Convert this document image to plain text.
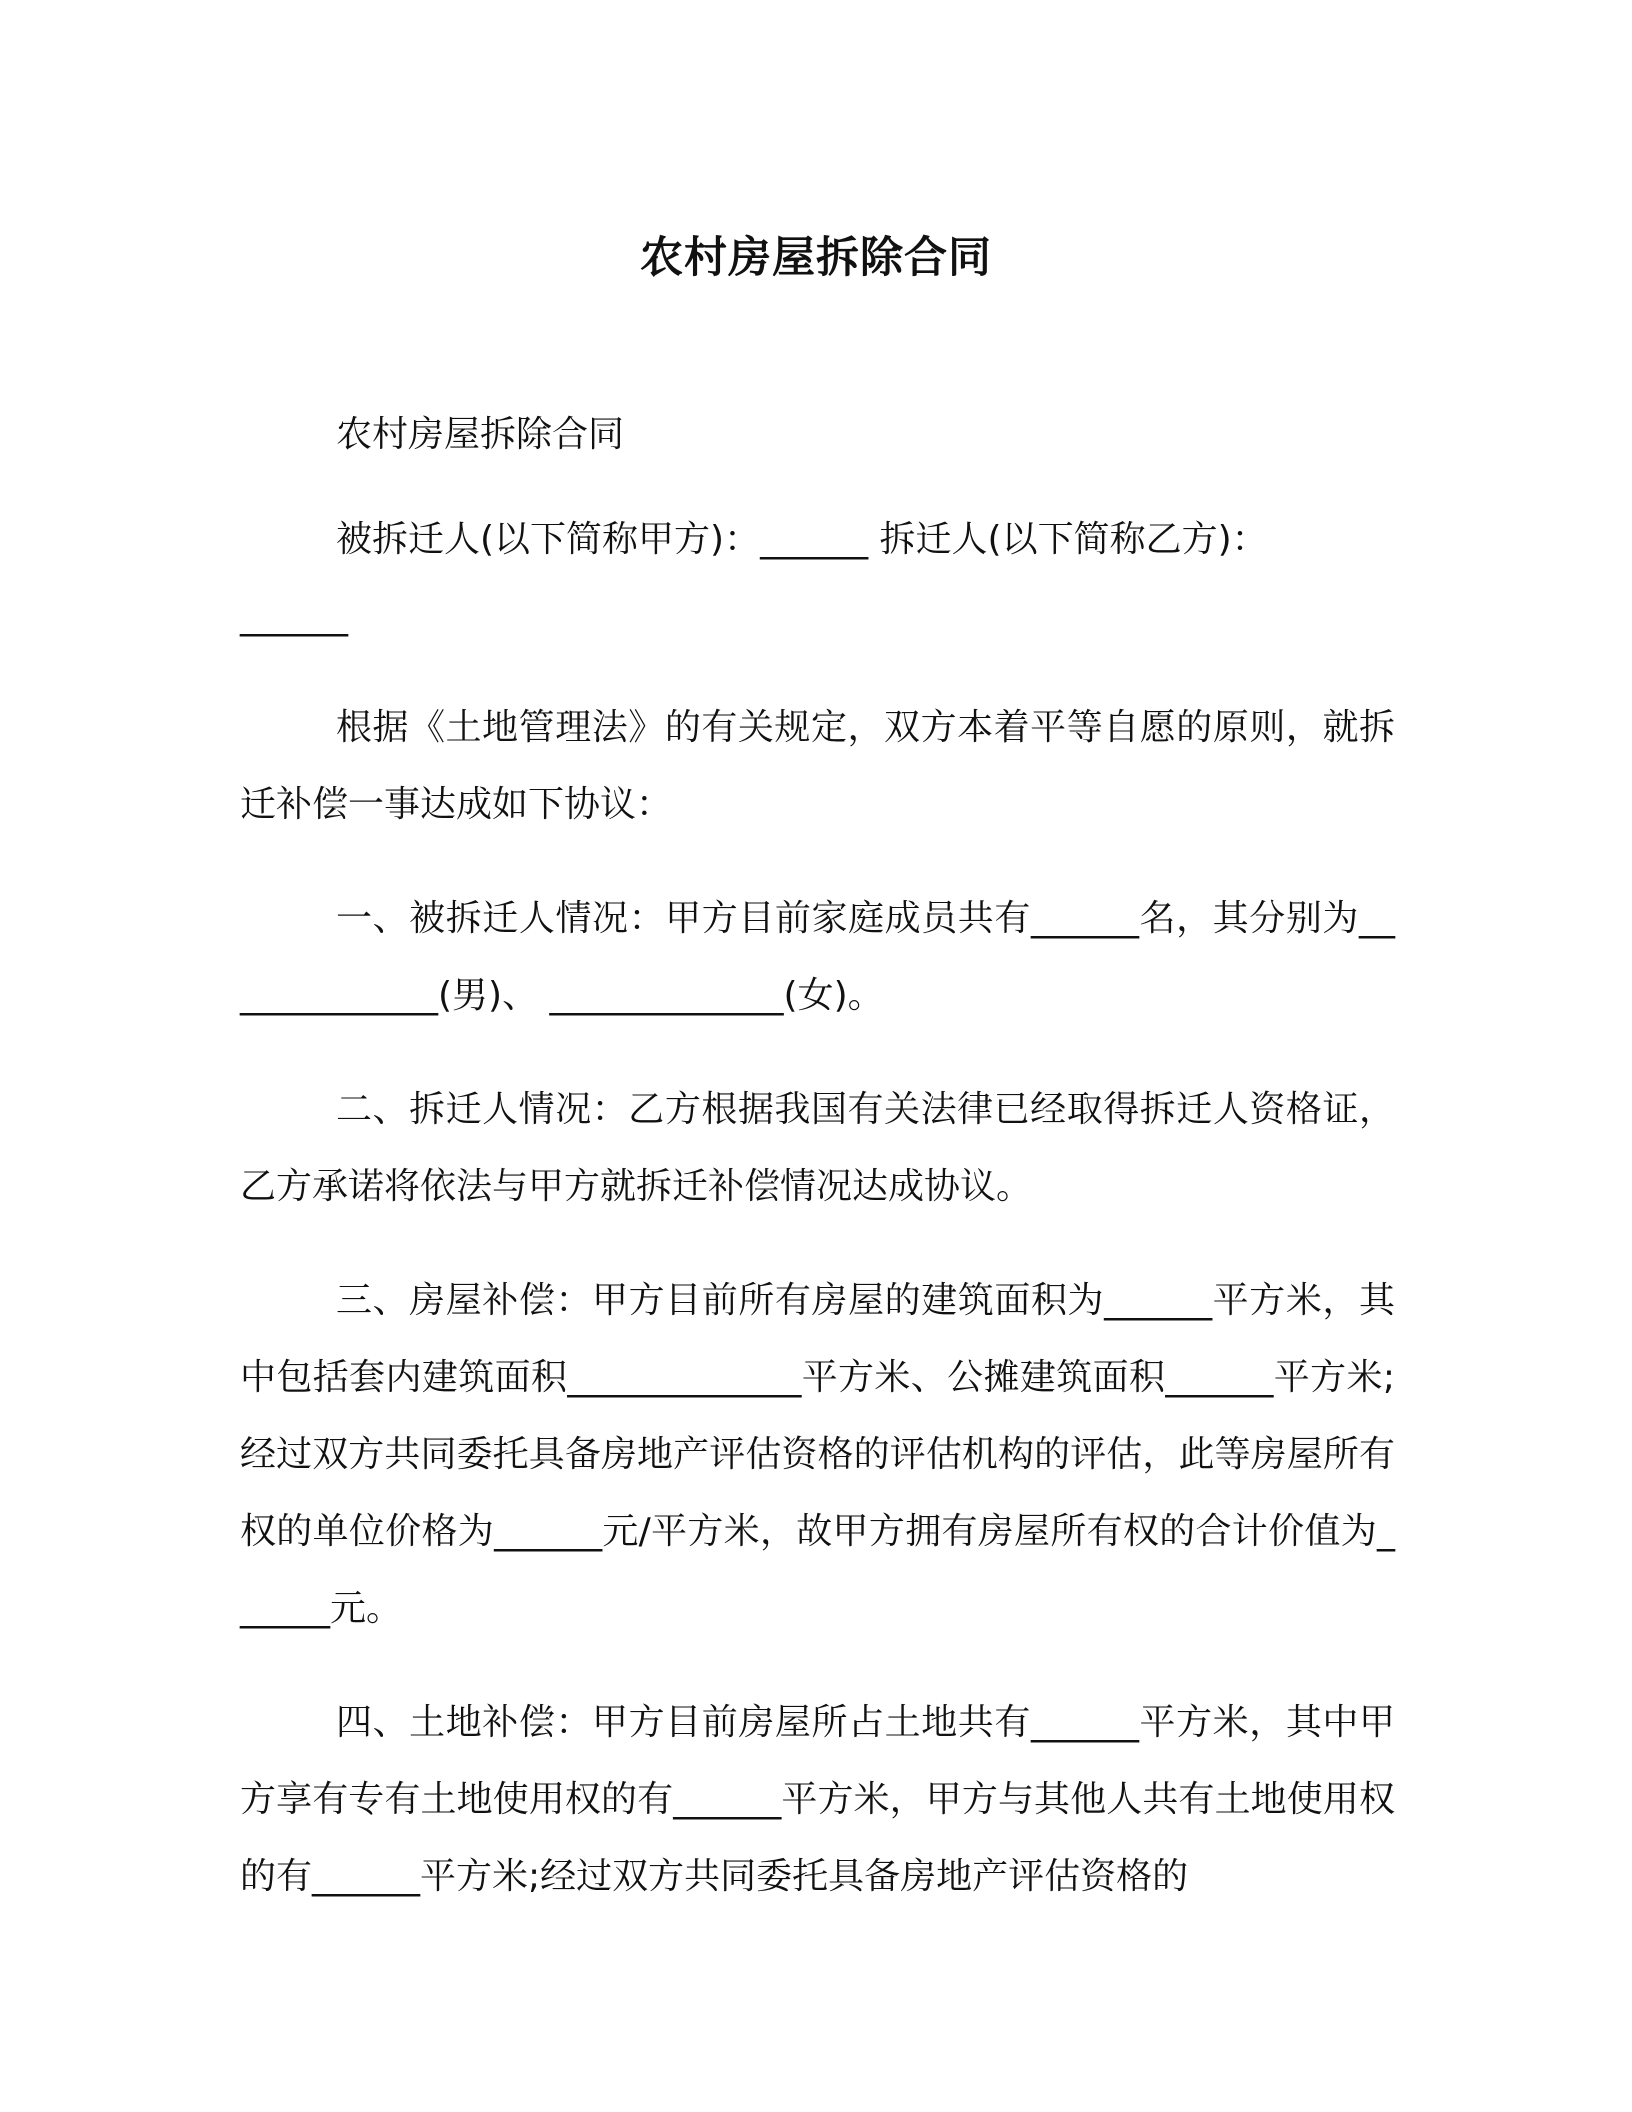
农村房屋拆除合同

农村房屋拆除合同

被拆迁人(以下简称甲方)：______ 拆迁人(以下简称乙方)：

______

根据《土地管理法》的有关规定，双方本着平等自愿的原则，就拆迁补偿一事达成如下协议：

一、被拆迁人情况：甲方目前家庭成员共有______名，其分别为_____________(男)、 _____________(女)。

二、拆迁人情况：乙方根据我国有关法律已经取得拆迁人资格证，乙方承诺将依法与甲方就拆迁补偿情况达成协议。

三、房屋补偿：甲方目前所有房屋的建筑面积为______平方米，其中包括套内建筑面积_____________平方米、公摊建筑面积______平方米;经过双方共同委托具备房地产评估资格的评估机构的评估，此等房屋所有权的单位价格为______元/平方米，故甲方拥有房屋所有权的合计价值为______元。

四、土地补偿：甲方目前房屋所占土地共有______平方米，其中甲方享有专有土地使用权的有______平方米，甲方与其他人共有土地使用权的有______平方米;经过双方共同委托具备房地产评估资格的
